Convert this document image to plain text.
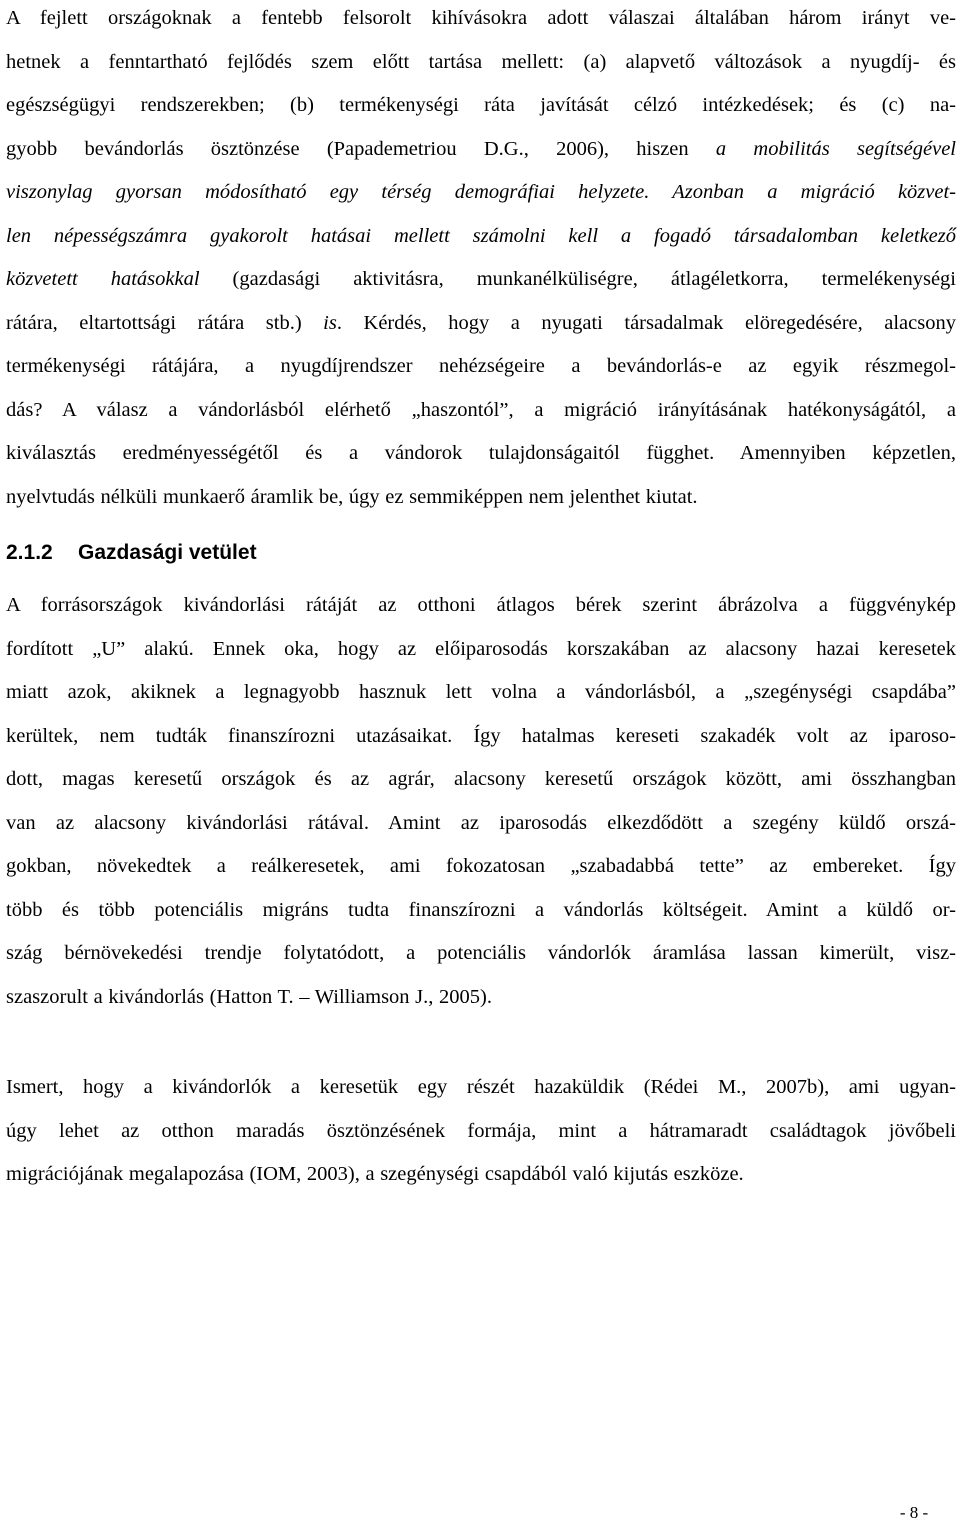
A fejlett országoknak a fentebb felsorolt kihívásokra adott válaszai általában három irányt ve-
hetnek a fenntartható fejlődés szem előtt tartása mellett: (a) alapvető változások a nyugdíj- és
egészségügyi rendszerekben; (b) termékenységi ráta javítását célzó intézkedések; és (c) na-
gyobb bevándorlás ösztönzése (Papademetriou D.G., 2006), hiszen a mobilitás segítségével
viszonylag gyorsan módosítható egy térség demográfiai helyzete. Azonban a migráció közvet-
len népességszámra gyakorolt hatásai mellett számolni kell a fogadó társadalomban keletkező
közvetett hatásokkal (gazdasági aktivitásra, munkanélküliségre, átlagéletkorra, termelékenységi
rátára, eltartottsági rátára stb.) is. Kérdés, hogy a nyugati társadalmak elöregedésére, alacsony
termékenységi rátájára, a nyugdíjrendszer nehézségeire a bevándorlás-e az egyik részmegol-
dás? A válasz a vándorlásból elérhető „haszontól”, a migráció irányításának hatékonyságától, a
kiválasztás eredményességétől és a vándorok tulajdonságaitól függhet. Amennyiben képzetlen,
nyelvtudás nélküli munkaerő áramlik be, úgy ez semmiképpen nem jelenthet kiutat.
2.1.2 Gazdasági vetület
A forrásországok kivándorlási rátáját az otthoni átlagos bérek szerint ábrázolva a függvénykép
fordított „U” alakú. Ennek oka, hogy az előiparosodás korszakában az alacsony hazai keresetek
miatt azok, akiknek a legnagyobb hasznuk lett volna a vándorlásból, a „szegénységi csapdába”
kerültek, nem tudták finanszírozni utazásaikat. Így hatalmas kereseti szakadék volt az iparoso-
dott, magas keresetű országok és az agrár, alacsony keresetű országok között, ami összhangban
van az alacsony kivándorlási rátával. Amint az iparosodás elkezdődött a szegény küldő orszá-
gokban, növekedtek a reálkeresetek, ami fokozatosan „szabadabbá tette” az embereket. Így
több és több potenciális migráns tudta finanszírozni a vándorlás költségeit. Amint a küldő or-
szág bérnövekedési trendje folytatódott, a potenciális vándorlók áramlása lassan kimerült, visz-
szaszorult a kivándorlás (Hatton T. – Williamson J., 2005).
Ismert, hogy a kivándorlók a keresetük egy részét hazaküldik (Rédei M., 2007b), ami ugyan-
úgy lehet az otthon maradás ösztönzésének formája, mint a hátramaradt családtagok jövőbeli
migrációjának megalapozása (IOM, 2003), a szegénységi csapdából való kijutás eszköze.
- 8 -
